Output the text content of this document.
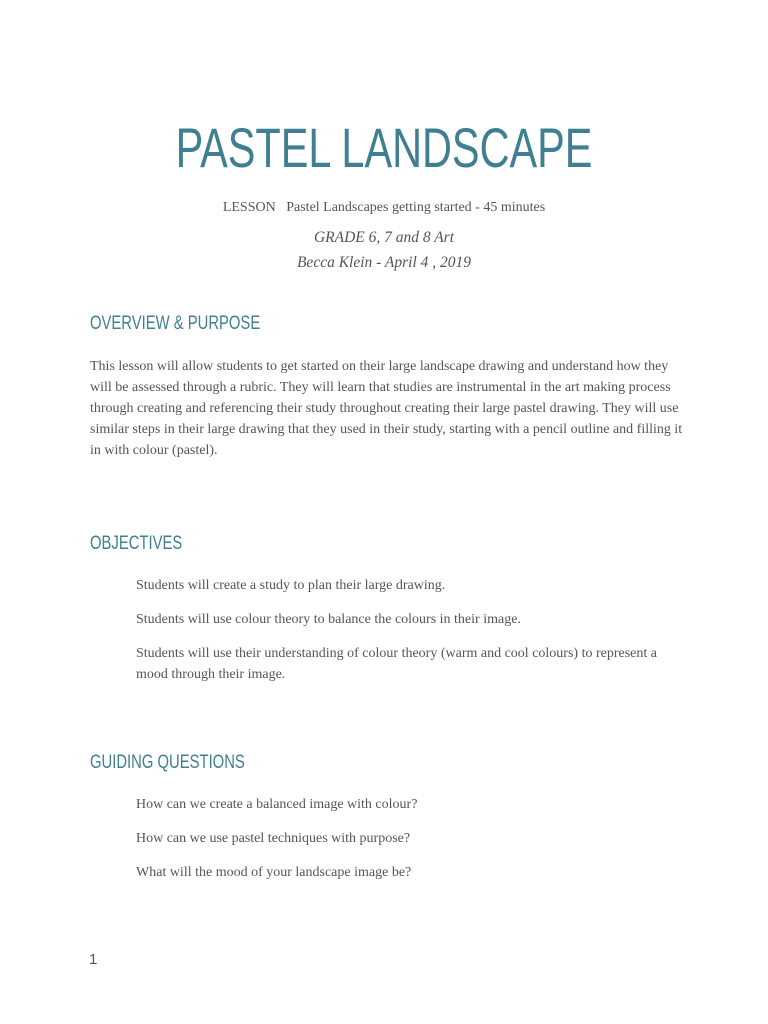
PASTEL LANDSCAPE
LESSON   Pastel Landscapes getting started - 45 minutes
GRADE 6, 7 and 8 Art
Becca Klein - April 4 , 2019
OVERVIEW & PURPOSE

This lesson will allow students to get started on their large landscape drawing and understand how they will be assessed through a rubric. They will learn that studies are instrumental in the art making process through creating and referencing their study throughout creating their large pastel drawing. They will use similar steps in their large drawing that they used in their study, starting with a pencil outline and filling it in with colour (pastel).

OBJECTIVES
Students will create a study to plan their large drawing.
Students will use colour theory to balance the colours in their image.
Students will use their understanding of colour theory (warm and cool colours) to represent a mood through their image.
GUIDING QUESTIONS
How can we create a balanced image with colour?
How can we use pastel techniques with purpose?
What will the mood of your landscape image be?
1
